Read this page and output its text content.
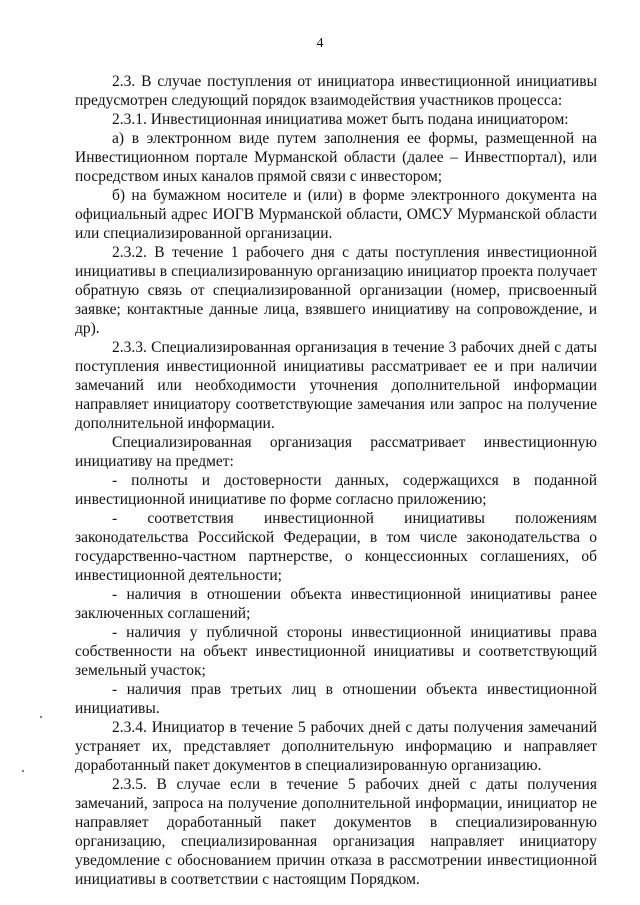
4

2.3. В случае поступления от инициатора инвестиционной инициативы предусмотрен следующий порядок взаимодействия участников процесса:

2.3.1. Инвестиционная инициатива может быть подана инициатором:

а) в электронном виде путем заполнения ее формы, размещенной на Инвестиционном портале Мурманской области (далее – Инвестпортал), или посредством иных каналов прямой связи с инвестором;

б) на бумажном носителе и (или) в форме электронного документа на официальный адрес ИОГВ Мурманской области, ОМСУ Мурманской области или специализированной организации.

2.3.2. В течение 1 рабочего дня с даты поступления инвестиционной инициативы в специализированную организацию инициатор проекта получает обратную связь от специализированной организации (номер, присвоенный заявке; контактные данные лица, взявшего инициативу на сопровождение, и др).

2.3.3. Специализированная организация в течение 3 рабочих дней с даты поступления инвестиционной инициативы рассматривает ее и при наличии замечаний или необходимости уточнения дополнительной информации направляет инициатору соответствующие замечания или запрос на получение дополнительной информации.

Специализированная организация рассматривает инвестиционную инициативу на предмет:

- полноты и достоверности данных, содержащихся в поданной инвестиционной инициативе по форме согласно приложению;

- соответствия инвестиционной инициативы положениям законодательства Российской Федерации, в том числе законодательства о государственно-частном партнерстве, о концессионных соглашениях, об инвестиционной деятельности;

- наличия в отношении объекта инвестиционной инициативы ранее заключенных соглашений;

- наличия у публичной стороны инвестиционной инициативы права собственности на объект инвестиционной инициативы и соответствующий земельный участок;

- наличия прав третьих лиц в отношении объекта инвестиционной инициативы.

2.3.4. Инициатор в течение 5 рабочих дней с даты получения замечаний устраняет их, представляет дополнительную информацию и направляет доработанный пакет документов в специализированную организацию.

2.3.5. В случае если в течение 5 рабочих дней с даты получения замечаний, запроса на получение дополнительной информации, инициатор не направляет доработанный пакет документов в специализированную организацию, специализированная организация направляет инициатору уведомление с обоснованием причин отказа в рассмотрении инвестиционной инициативы в соответствии с настоящим Порядком.
